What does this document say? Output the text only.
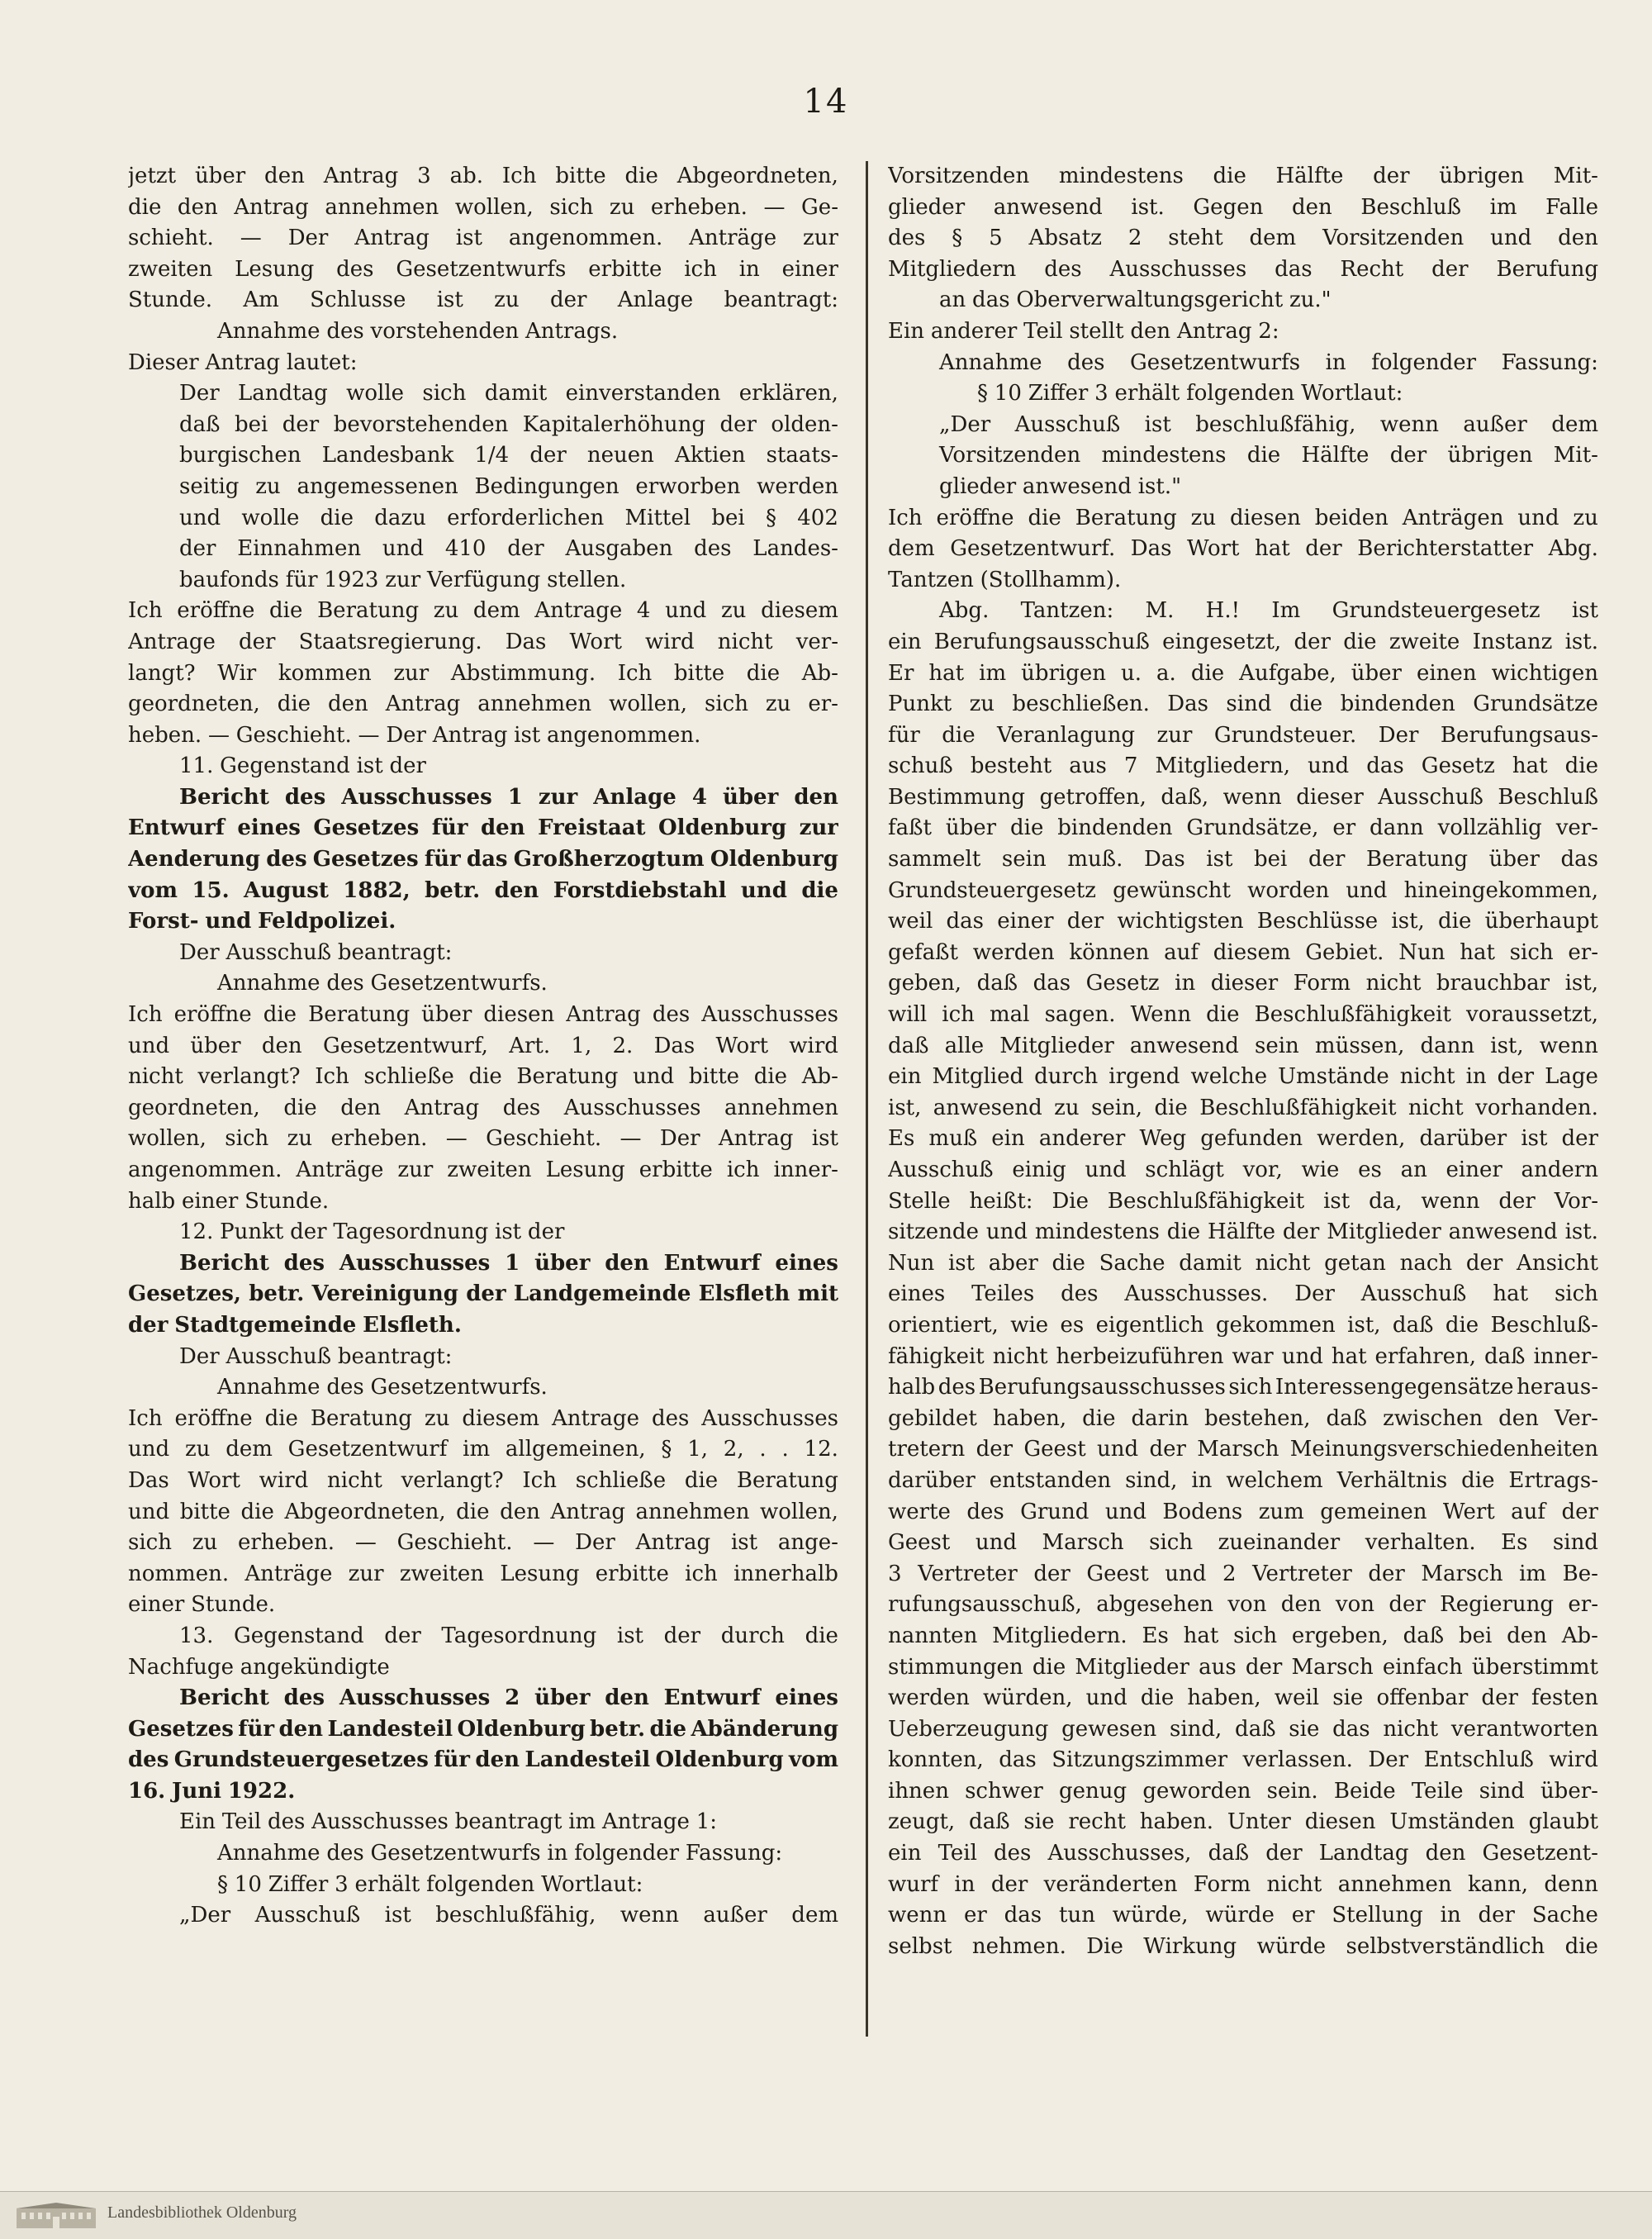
14
jetzt über den Antrag 3 ab. Ich bitte die Abgeordneten,
die den Antrag annehmen wollen, sich zu erheben. — Ge-
schieht. — Der Antrag ist angenommen. Anträge zur
zweiten Lesung des Gesetzentwurfs erbitte ich in einer
Stunde. Am Schlusse ist zu der Anlage beantragt:
Annahme des vorstehenden Antrags.
Dieser Antrag lautet:
Der Landtag wolle sich damit einverstanden erklären,
daß bei der bevorstehenden Kapitalerhöhung der olden-
burgischen Landesbank 1/4 der neuen Aktien staats-
seitig zu angemessenen Bedingungen erworben werden
und wolle die dazu erforderlichen Mittel bei § 402
der Einnahmen und 410 der Ausgaben des Landes-
baufonds für 1923 zur Verfügung stellen.
Ich eröffne die Beratung zu dem Antrage 4 und zu diesem
Antrage der Staatsregierung. Das Wort wird nicht ver-
langt? Wir kommen zur Abstimmung. Ich bitte die Ab-
geordneten, die den Antrag annehmen wollen, sich zu er-
heben. — Geschieht. — Der Antrag ist angenommen.
11. Gegenstand ist der
Bericht des Ausschusses 1 zur Anlage 4 über den
Entwurf eines Gesetzes für den Freistaat Oldenburg zur
Aenderung des Gesetzes für das Großherzogtum Oldenburg
vom 15. August 1882, betr. den Forstdiebstahl und die
Forst- und Feldpolizei.
Der Ausschuß beantragt:
Annahme des Gesetzentwurfs.
Ich eröffne die Beratung über diesen Antrag des Ausschusses
und über den Gesetzentwurf, Art. 1, 2. Das Wort wird
nicht verlangt? Ich schließe die Beratung und bitte die Ab-
geordneten, die den Antrag des Ausschusses annehmen
wollen, sich zu erheben. — Geschieht. — Der Antrag ist
angenommen. Anträge zur zweiten Lesung erbitte ich inner-
halb einer Stunde.
12. Punkt der Tagesordnung ist der
Bericht des Ausschusses 1 über den Entwurf eines
Gesetzes, betr. Vereinigung der Landgemeinde Elsfleth mit
der Stadtgemeinde Elsfleth.
Der Ausschuß beantragt:
Annahme des Gesetzentwurfs.
Ich eröffne die Beratung zu diesem Antrage des Ausschusses
und zu dem Gesetzentwurf im allgemeinen, § 1, 2, . . 12.
Das Wort wird nicht verlangt? Ich schließe die Beratung
und bitte die Abgeordneten, die den Antrag annehmen wollen,
sich zu erheben. — Geschieht. — Der Antrag ist ange-
nommen. Anträge zur zweiten Lesung erbitte ich innerhalb
einer Stunde.
13. Gegenstand der Tagesordnung ist der durch die
Nachfuge angekündigte
Bericht des Ausschusses 2 über den Entwurf eines
Gesetzes für den Landesteil Oldenburg betr. die Abänderung
des Grundsteuergesetzes für den Landesteil Oldenburg vom
16. Juni 1922.
Ein Teil des Ausschusses beantragt im Antrage 1:
Annahme des Gesetzentwurfs in folgender Fassung:
§ 10 Ziffer 3 erhält folgenden Wortlaut:
„Der Ausschuß ist beschlußfähig, wenn außer dem
Vorsitzenden mindestens die Hälfte der übrigen Mit-
glieder anwesend ist. Gegen den Beschluß im Falle
des § 5 Absatz 2 steht dem Vorsitzenden und den
Mitgliedern des Ausschusses das Recht der Berufung
an das Oberverwaltungsgericht zu."
Ein anderer Teil stellt den Antrag 2:
Annahme des Gesetzentwurfs in folgender Fassung:
§ 10 Ziffer 3 erhält folgenden Wortlaut:
„Der Ausschuß ist beschlußfähig, wenn außer dem
Vorsitzenden mindestens die Hälfte der übrigen Mit-
glieder anwesend ist."
Ich eröffne die Beratung zu diesen beiden Anträgen und zu
dem Gesetzentwurf. Das Wort hat der Berichterstatter Abg.
Tantzen (Stollhamm).
Abg. Tantzen: M. H.! Im Grundsteuergesetz ist
ein Berufungsausschuß eingesetzt, der die zweite Instanz ist.
Er hat im übrigen u. a. die Aufgabe, über einen wichtigen
Punkt zu beschließen. Das sind die bindenden Grundsätze
für die Veranlagung zur Grundsteuer. Der Berufungsaus-
schuß besteht aus 7 Mitgliedern, und das Gesetz hat die
Bestimmung getroffen, daß, wenn dieser Ausschuß Beschluß
faßt über die bindenden Grundsätze, er dann vollzählig ver-
sammelt sein muß. Das ist bei der Beratung über das
Grundsteuergesetz gewünscht worden und hineingekommen,
weil das einer der wichtigsten Beschlüsse ist, die überhaupt
gefaßt werden können auf diesem Gebiet. Nun hat sich er-
geben, daß das Gesetz in dieser Form nicht brauchbar ist,
will ich mal sagen. Wenn die Beschlußfähigkeit voraussetzt,
daß alle Mitglieder anwesend sein müssen, dann ist, wenn
ein Mitglied durch irgend welche Umstände nicht in der Lage
ist, anwesend zu sein, die Beschlußfähigkeit nicht vorhanden.
Es muß ein anderer Weg gefunden werden, darüber ist der
Ausschuß einig und schlägt vor, wie es an einer andern
Stelle heißt: Die Beschlußfähigkeit ist da, wenn der Vor-
sitzende und mindestens die Hälfte der Mitglieder anwesend ist.
Nun ist aber die Sache damit nicht getan nach der Ansicht
eines Teiles des Ausschusses. Der Ausschuß hat sich
orientiert, wie es eigentlich gekommen ist, daß die Beschluß-
fähigkeit nicht herbeizuführen war und hat erfahren, daß inner-
halb des Berufungsausschusses sich Interessengegensätze heraus-
gebildet haben, die darin bestehen, daß zwischen den Ver-
tretern der Geest und der Marsch Meinungsverschiedenheiten
darüber entstanden sind, in welchem Verhältnis die Ertrags-
werte des Grund und Bodens zum gemeinen Wert auf der
Geest und Marsch sich zueinander verhalten. Es sind
3 Vertreter der Geest und 2 Vertreter der Marsch im Be-
rufungsausschuß, abgesehen von den von der Regierung er-
nannten Mitgliedern. Es hat sich ergeben, daß bei den Ab-
stimmungen die Mitglieder aus der Marsch einfach überstimmt
werden würden, und die haben, weil sie offenbar der festen
Ueberzeugung gewesen sind, daß sie das nicht verantworten
konnten, das Sitzungszimmer verlassen. Der Entschluß wird
ihnen schwer genug geworden sein. Beide Teile sind über-
zeugt, daß sie recht haben. Unter diesen Umständen glaubt
ein Teil des Ausschusses, daß der Landtag den Gesetzent-
wurf in der veränderten Form nicht annehmen kann, denn
wenn er das tun würde, würde er Stellung in der Sache
selbst nehmen. Die Wirkung würde selbstverständlich die
Landesbibliothek Oldenburg
